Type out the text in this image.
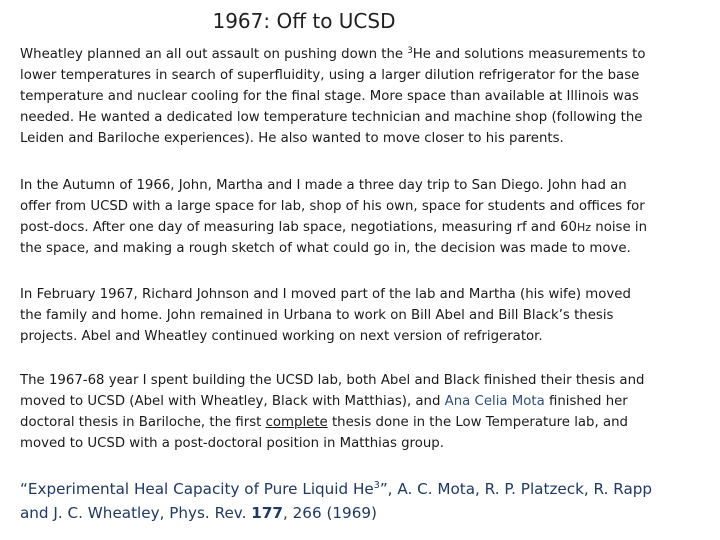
1967: Off to UCSD
Wheatley planned an all out assault on pushing down the $^3$He and solutions measurements to
lower temperatures in search of superfluidity, using a larger dilution refrigerator for the base
temperature and nuclear cooling for the final stage. More space than available at Illinois was
needed. He wanted a dedicated low temperature technician and machine shop (following the
Leiden and Bariloche experiences). He also wanted to move closer to his parents.
In the Autumn of 1966, John, Martha and I made a three day trip to San Diego. John had an
offer from UCSD with a large space for lab, shop of his own, space for students and offices for
post-docs. After one day of measuring lab space, negotiations, measuring rf and 60Hz noise in
the space, and making a rough sketch of what could go in, the decision was made to move.
In February 1967, Richard Johnson and I moved part of the lab and Martha (his wife) moved
the family and home. John remained in Urbana to work on Bill Abel and Bill Black’s thesis
projects. Abel and Wheatley continued working on next version of refrigerator.
The 1967-68 year I spent building the UCSD lab, both Abel and Black finished their thesis and
moved to UCSD (Abel with Wheatley, Black with Matthias), and Ana Celia Mota finished her
doctoral thesis in Bariloche, the first complete thesis done in the Low Temperature lab, and
moved to UCSD with a post-doctoral position in Matthias group.
“Experimental Heal Capacity of Pure Liquid He$^3$”, A. C. Mota, R. P. Platzeck, R. Rapp
and J. C. Wheatley, Phys. Rev. 177, 266 (1969)
